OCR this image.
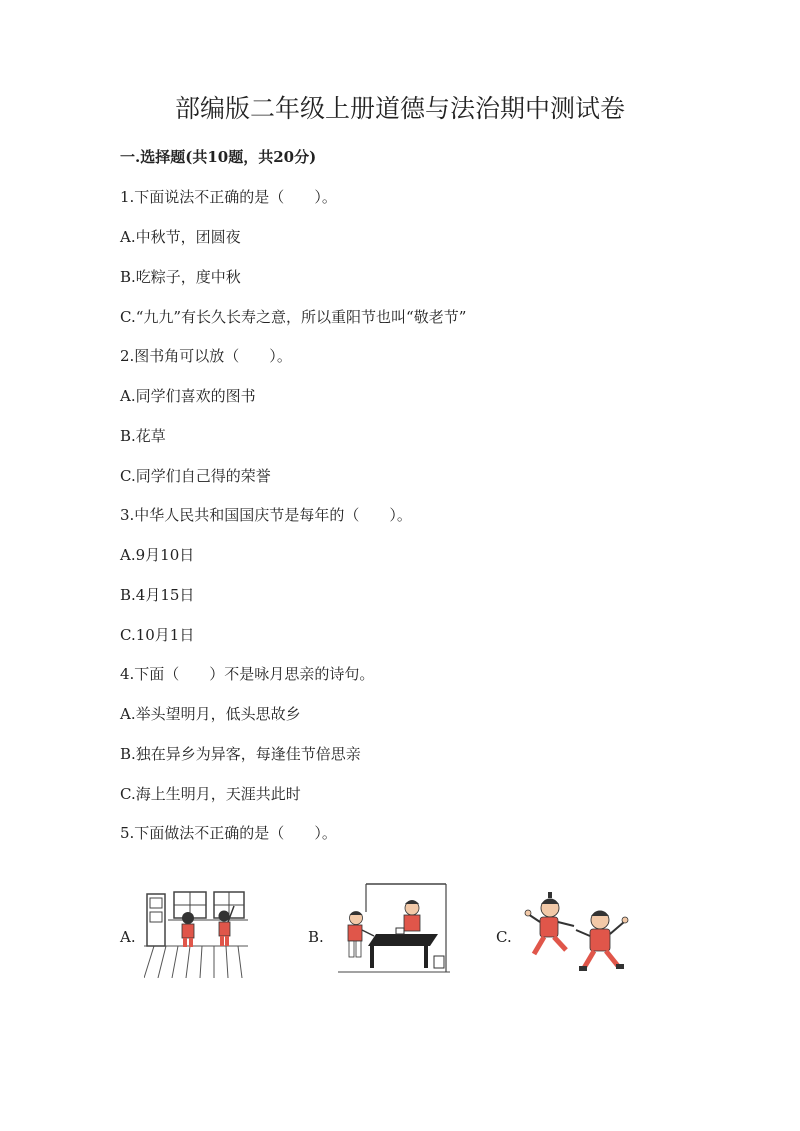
部编版二年级上册道德与法治期中测试卷
一.选择题(共10题，共20分)
1.下面说法不正确的是（　　）。
A.中秋节，团圆夜
B.吃粽子，度中秋
C.“九九”有长久长寿之意，所以重阳节也叫“敬老节”
2.图书角可以放（　　）。
A.同学们喜欢的图书
B.花草
C.同学们自己得的荣誉
3.中华人民共和国国庆节是每年的（　　）。
A.9月10日
B.4月15日
C.10月1日
4.下面（　　）不是咏月思亲的诗句。
A.举头望明月，低头思故乡
B.独在异乡为异客，每逢佳节倍思亲
C.海上生明月，天涯共此时
5.下面做法不正确的是（　　）。
A.	B.	C.
